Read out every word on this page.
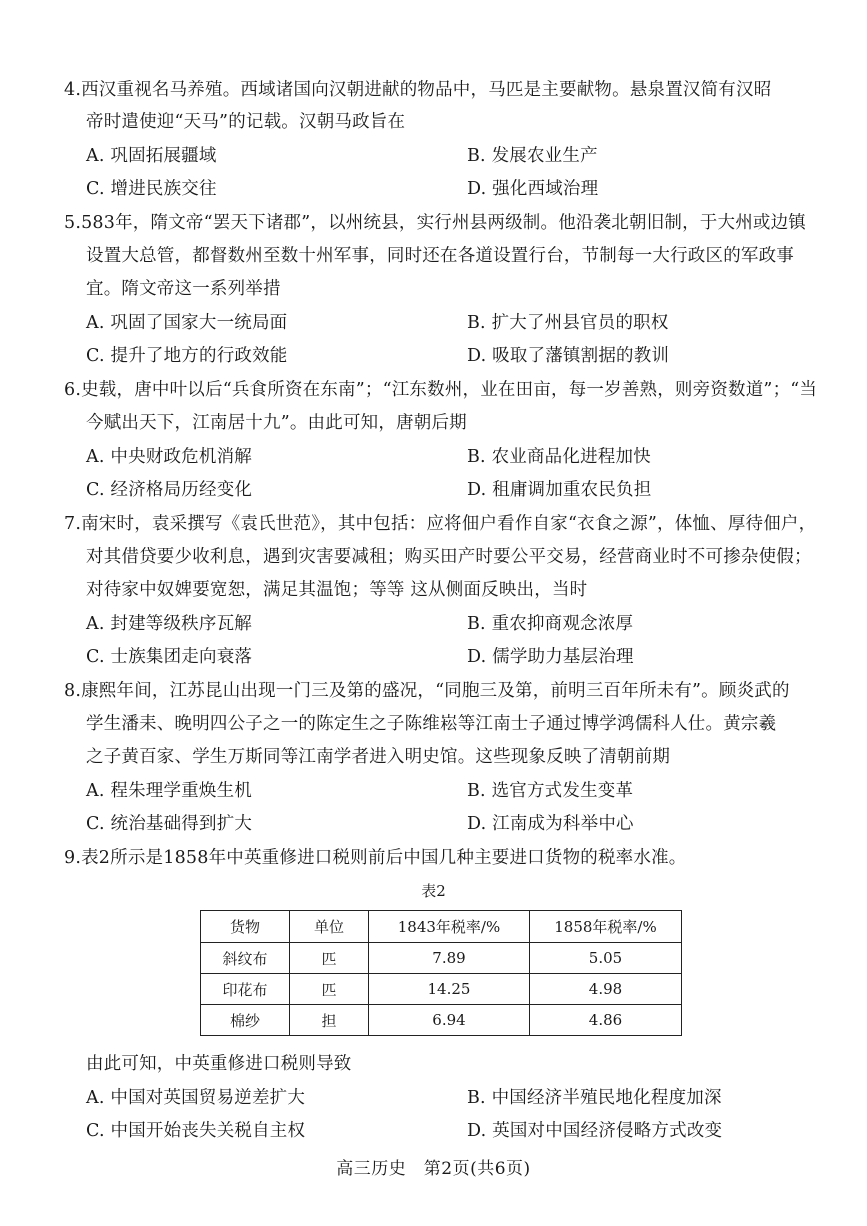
4.西汉重视名马养殖。西域诸国向汉朝进献的物品中，马匹是主要献物。悬泉置汉简有汉昭
帝时遣使迎“天马”的记载。汉朝马政旨在
A. 巩固拓展疆域	B. 发展农业生产
C. 增进民族交往	D. 强化西域治理
5.583年，隋文帝“罢天下诸郡”，以州统县，实行州县两级制。他沿袭北朝旧制，于大州或边镇
设置大总管，都督数州至数十州军事，同时还在各道设置行台，节制每一大行政区的军政事
宜。隋文帝这一系列举措
A. 巩固了国家大一统局面	B. 扩大了州县官员的职权
C. 提升了地方的行政效能	D. 吸取了藩镇割据的教训
6.史载，唐中叶以后“兵食所资在东南”；“江东数州，业在田亩，每一岁善熟，则旁资数道”；“当
今赋出天下，江南居十九”。由此可知，唐朝后期
A. 中央财政危机消解	B. 农业商品化进程加快
C. 经济格局历经变化	D. 租庸调加重农民负担
7.南宋时，袁采撰写《袁氏世范》，其中包括：应将佃户看作自家“衣食之源”，体恤、厚待佃户，
对其借贷要少收利息，遇到灾害要减租；购买田产时要公平交易，经营商业时不可掺杂使假；
对待家中奴婢要宽恕，满足其温饱；等等 这从侧面反映出，当时
A. 封建等级秩序瓦解	B. 重农抑商观念浓厚
C. 士族集团走向衰落	D. 儒学助力基层治理
8.康熙年间，江苏昆山出现一门三及第的盛况，“同胞三及第，前明三百年所未有”。顾炎武的
学生潘耒、晚明四公子之一的陈定生之子陈维崧等江南士子通过博学鸿儒科人仕。黄宗羲
之子黄百家、学生万斯同等江南学者进入明史馆。这些现象反映了清朝前期
A. 程朱理学重焕生机	B. 选官方式发生变革
C. 统治基础得到扩大	D. 江南成为科举中心
9.表2所示是1858年中英重修进口税则前后中国几种主要进口货物的税率水准。
表2
货物	单位	1843年税率/%	1858年税率/%
斜纹布	匹	7.89	5.05
印花布	匹	14.25	4.98
棉纱	担	6.94	4.86
由此可知，中英重修进口税则导致
A. 中国对英国贸易逆差扩大	B. 中国经济半殖民地化程度加深
C. 中国开始丧失关税自主权	D. 英国对中国经济侵略方式改变
高三历史　第2页(共6页)
